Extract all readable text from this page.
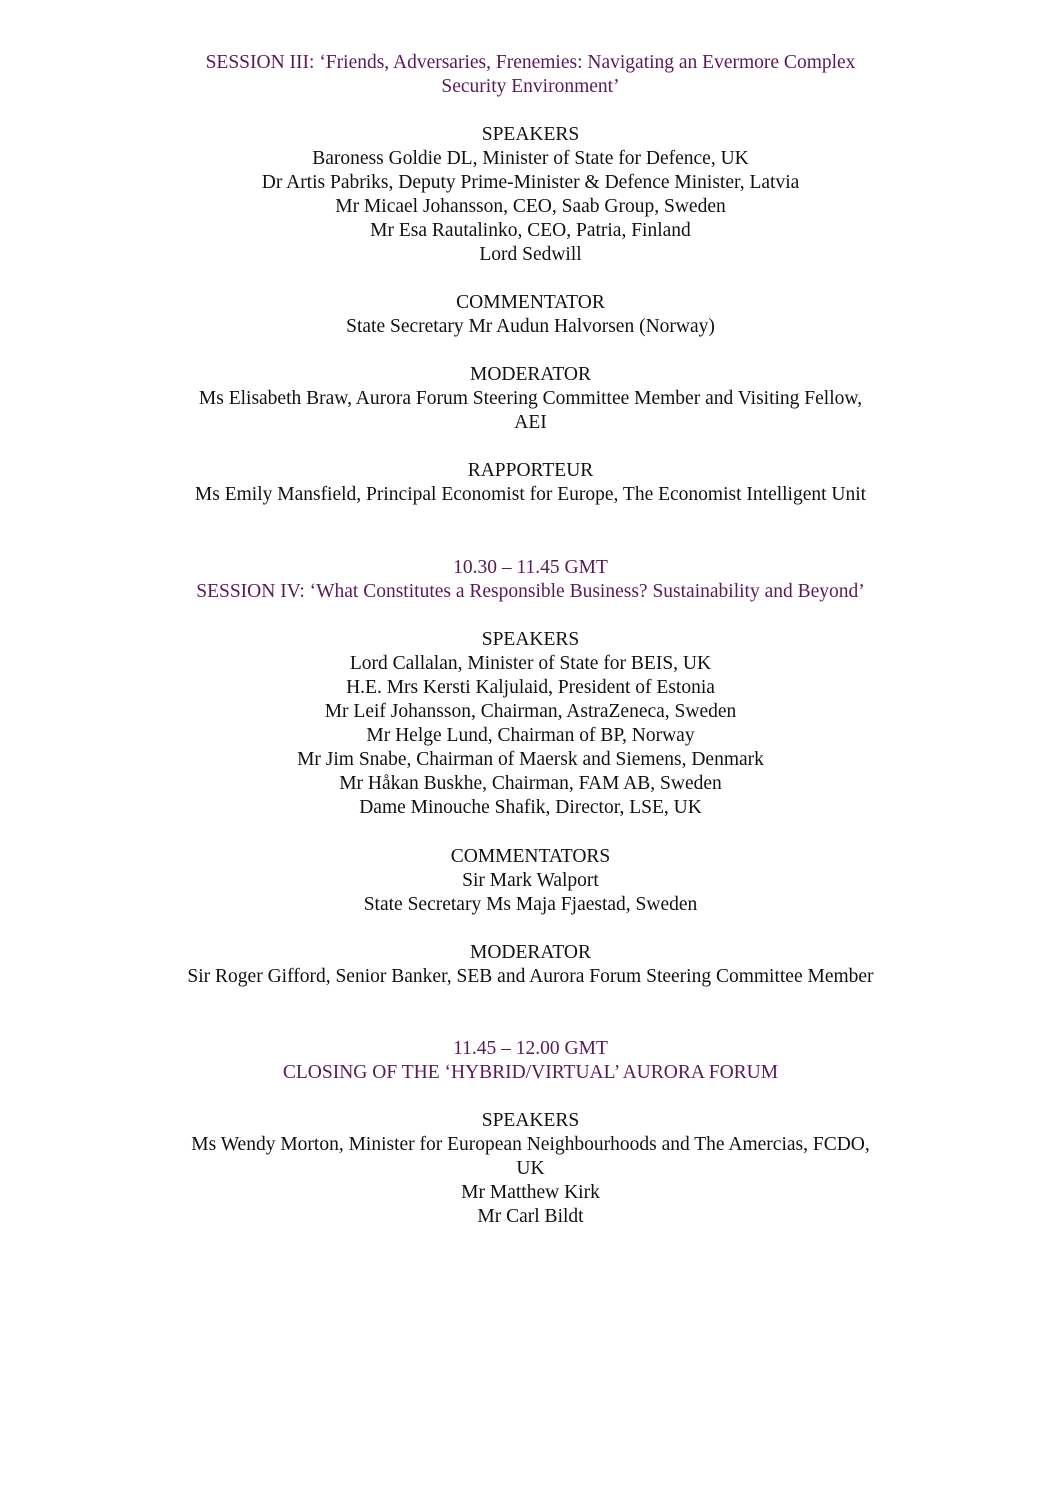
SESSION III: ‘Friends, Adversaries, Frenemies: Navigating an Evermore Complex
Security Environment’
SPEAKERS
Baroness Goldie DL, Minister of State for Defence, UK
Dr Artis Pabriks, Deputy Prime-Minister & Defence Minister, Latvia
Mr Micael Johansson, CEO, Saab Group, Sweden
Mr Esa Rautalinko, CEO, Patria, Finland
Lord Sedwill
COMMENTATOR
State Secretary Mr Audun Halvorsen (Norway)
MODERATOR
Ms Elisabeth Braw, Aurora Forum Steering Committee Member and Visiting Fellow,
AEI
RAPPORTEUR
Ms Emily Mansfield, Principal Economist for Europe, The Economist Intelligent Unit
10.30 – 11.45 GMT
SESSION IV: ‘What Constitutes a Responsible Business? Sustainability and Beyond’
SPEAKERS
Lord Callalan, Minister of State for BEIS, UK
H.E. Mrs Kersti Kaljulaid, President of Estonia
Mr Leif Johansson, Chairman, AstraZeneca, Sweden
Mr Helge Lund, Chairman of BP, Norway
Mr Jim Snabe, Chairman of Maersk and Siemens, Denmark
Mr Håkan Buskhe, Chairman, FAM AB, Sweden
Dame Minouche Shafik, Director, LSE, UK
COMMENTATORS
Sir Mark Walport
State Secretary Ms Maja Fjaestad, Sweden
MODERATOR
Sir Roger Gifford, Senior Banker, SEB and Aurora Forum Steering Committee Member
11.45 – 12.00 GMT
CLOSING OF THE ‘HYBRID/VIRTUAL’ AURORA FORUM
SPEAKERS
Ms Wendy Morton, Minister for European Neighbourhoods and The Amercias, FCDO,
UK
Mr Matthew Kirk
Mr Carl Bildt
